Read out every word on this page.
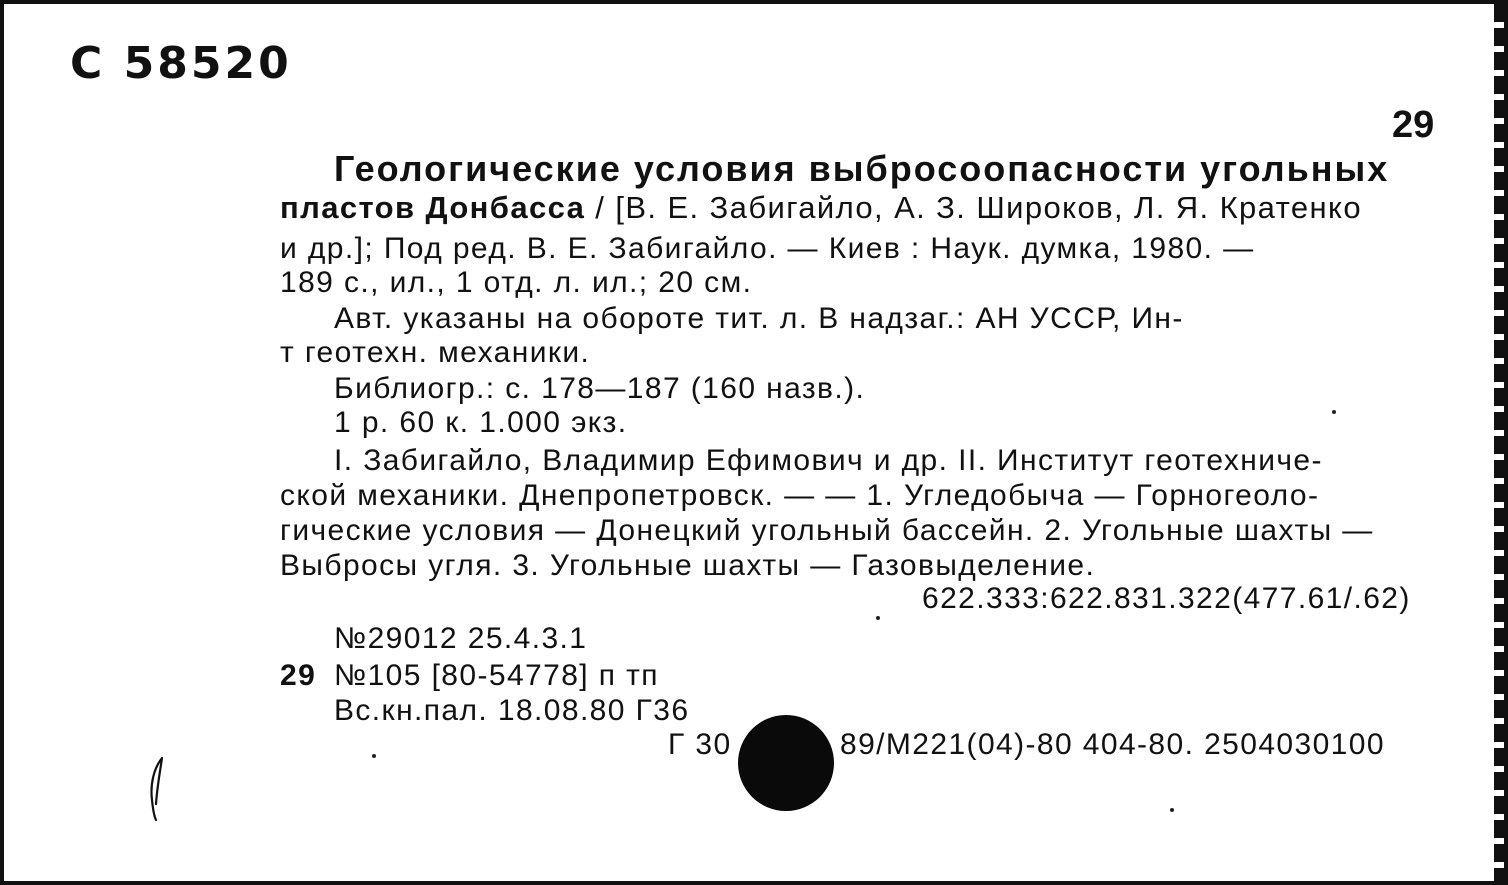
С 58520
29
Геологические условия выбросоопасности угольных
пластов Донбасса / [В. Е. Забигайло, А. З. Широков, Л. Я. Кратенко
и др.]; Под ред. В. Е. Забигайло. — Киев : Наук. думка, 1980. —
189 с., ил., 1 отд. л. ил.; 20 см.
Авт. указаны на обороте тит. л. В надзаг.: АН УССР, Ин-
т геотехн. механики.
Библиогр.: с. 178—187 (160 назв.).
1 р. 60 к. 1.000 экз.
I. Забигайло, Владимир Ефимович и др. II. Институт геотехниче-
ской механики. Днепропетровск. — — 1. Угледобыча — Горногеоло-
гические условия — Донецкий угольный бассейн. 2. Угольные шахты —
Выбросы угля. 3. Угольные шахты — Газовыделение.
622.333:622.831.322(477.61/.62)
№29012 25.4.3.1
29 №105 [80-54778] п тп
Вс.кн.пал. 18.08.80 Г36
Г 30	89/М221(04)-80 404-80. 2504030100
